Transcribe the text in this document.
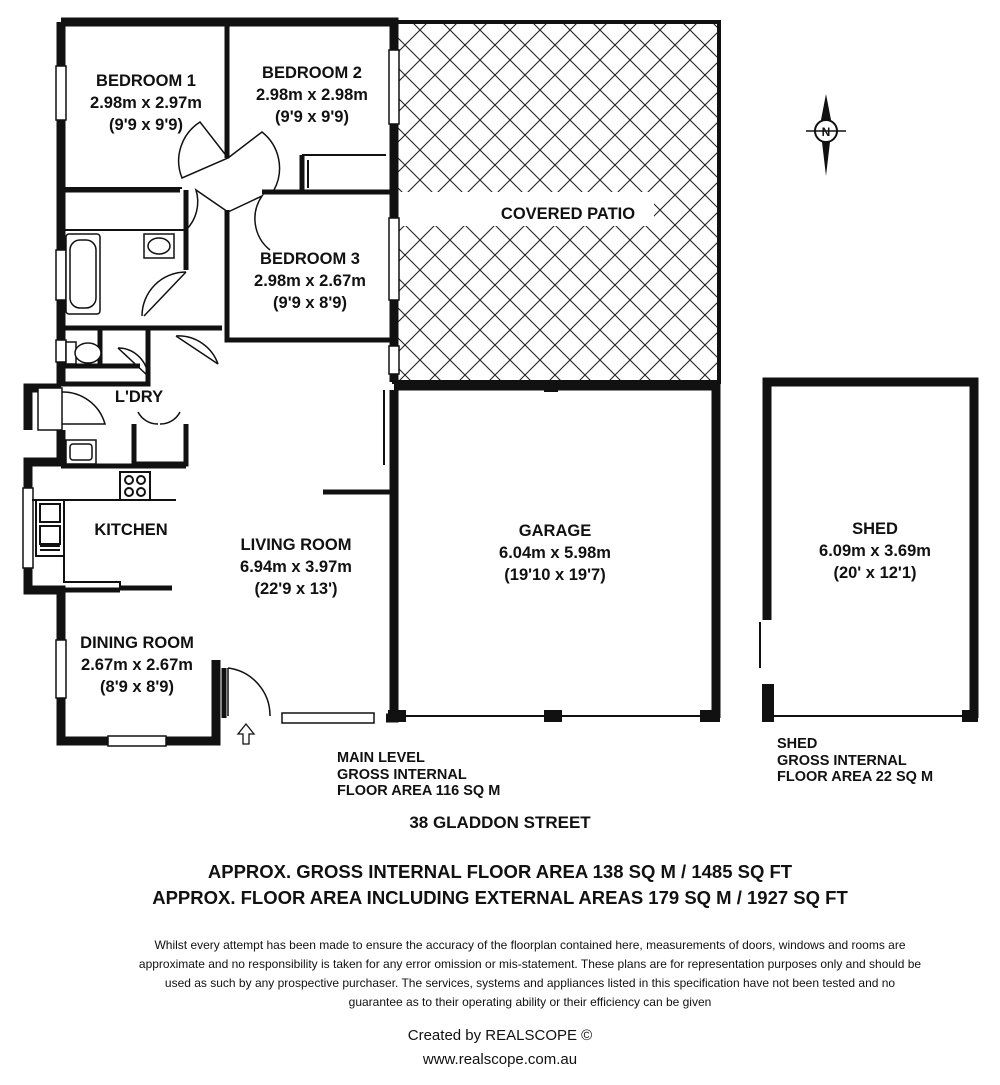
N
BEDROOM 1
2.98m x 2.97m
(9'9 x 9'9)
BEDROOM 2
2.98m x 2.98m
(9'9 x 9'9)
BEDROOM 3
2.98m x 2.67m
(9'9 x 8'9)
COVERED PATIO
L'DRY
KITCHEN
LIVING ROOM
6.94m x 3.97m
(22'9 x 13')
DINING ROOM
2.67m x 2.67m
(8'9 x 8'9)
GARAGE
6.04m x 5.98m
(19'10 x 19'7)
SHED
6.09m x 3.69m
(20' x 12'1)
MAIN LEVEL
GROSS INTERNAL
FLOOR AREA 116 SQ M
SHED
GROSS INTERNAL
FLOOR AREA 22 SQ M
38 GLADDON STREET
APPROX. GROSS INTERNAL FLOOR AREA 138 SQ M / 1485 SQ FT
APPROX. FLOOR AREA INCLUDING EXTERNAL AREAS 179 SQ M / 1927 SQ FT
Whilst every attempt has been made to ensure the accuracy of the floorplan contained here, measurements of doors, windows and rooms are
approximate and no responsibility is taken for any error omission or mis-statement. These plans are for representation purposes only and should be
used as such by any prospective purchaser. The services, systems and appliances listed in this specification have not been tested and no
guarantee as to their operating ability or their efficiency can be given
Created by REALSCOPE ©
www.realscope.com.au
